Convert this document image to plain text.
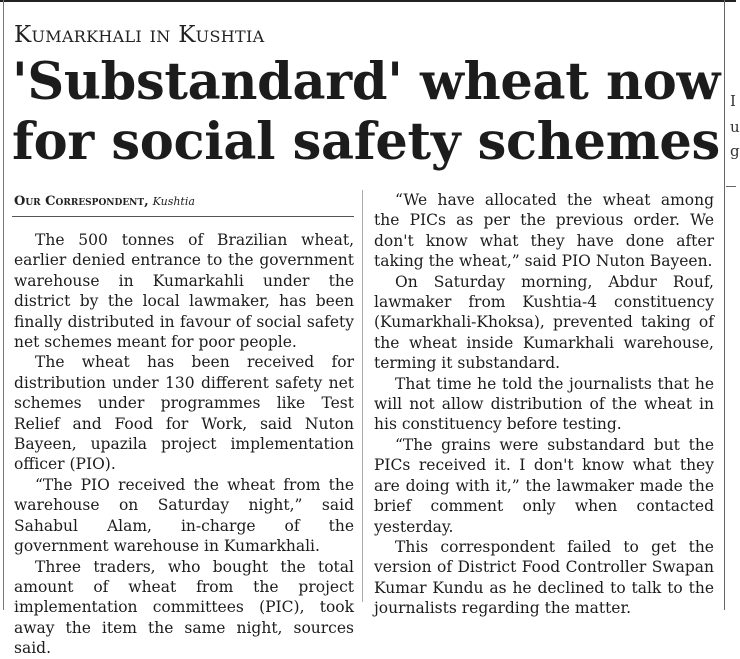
I
u
g
Kumarkhali in Kushtia
'Substandard' wheat now
for social safety schemes
Our Correspondent, Kushtia

The 500 tonnes of Brazilian wheat, earlier denied entrance to the government warehouse in Kumarkahli under the district by the local lawmaker, has been finally distributed in favour of social safety net schemes meant for poor people.

The wheat has been received for distribution under 130 different safety net schemes under programmes like Test Relief and Food for Work, said Nuton Bayeen, upazila project implementation officer (PIO).

“The PIO received the wheat from the warehouse on Saturday night,” said Sahabul Alam, in-charge of the government warehouse in Kumarkhali.

Three traders, who bought the total amount of wheat from the project implementation committees (PIC), took away the item the same night, sources said.

“We have allocated the wheat among the PICs as per the previous order. We don't know what they have done after taking the wheat,” said PIO Nuton Bayeen.

On Saturday morning, Abdur Rouf, lawmaker from Kushtia-4 constituency (Kumarkhali-Khoksa), prevented taking of the wheat inside Kumarkhali warehouse, terming it substandard.

That time he told the journalists that he will not allow distribution of the wheat in his constituency before testing.

“The grains were substandard but the PICs received it. I don't know what they are doing with it,” the lawmaker made the brief comment only when contacted yesterday.

This correspondent failed to get the version of District Food Controller Swapan Kumar Kundu as he declined to talk to the journalists regarding the matter.
